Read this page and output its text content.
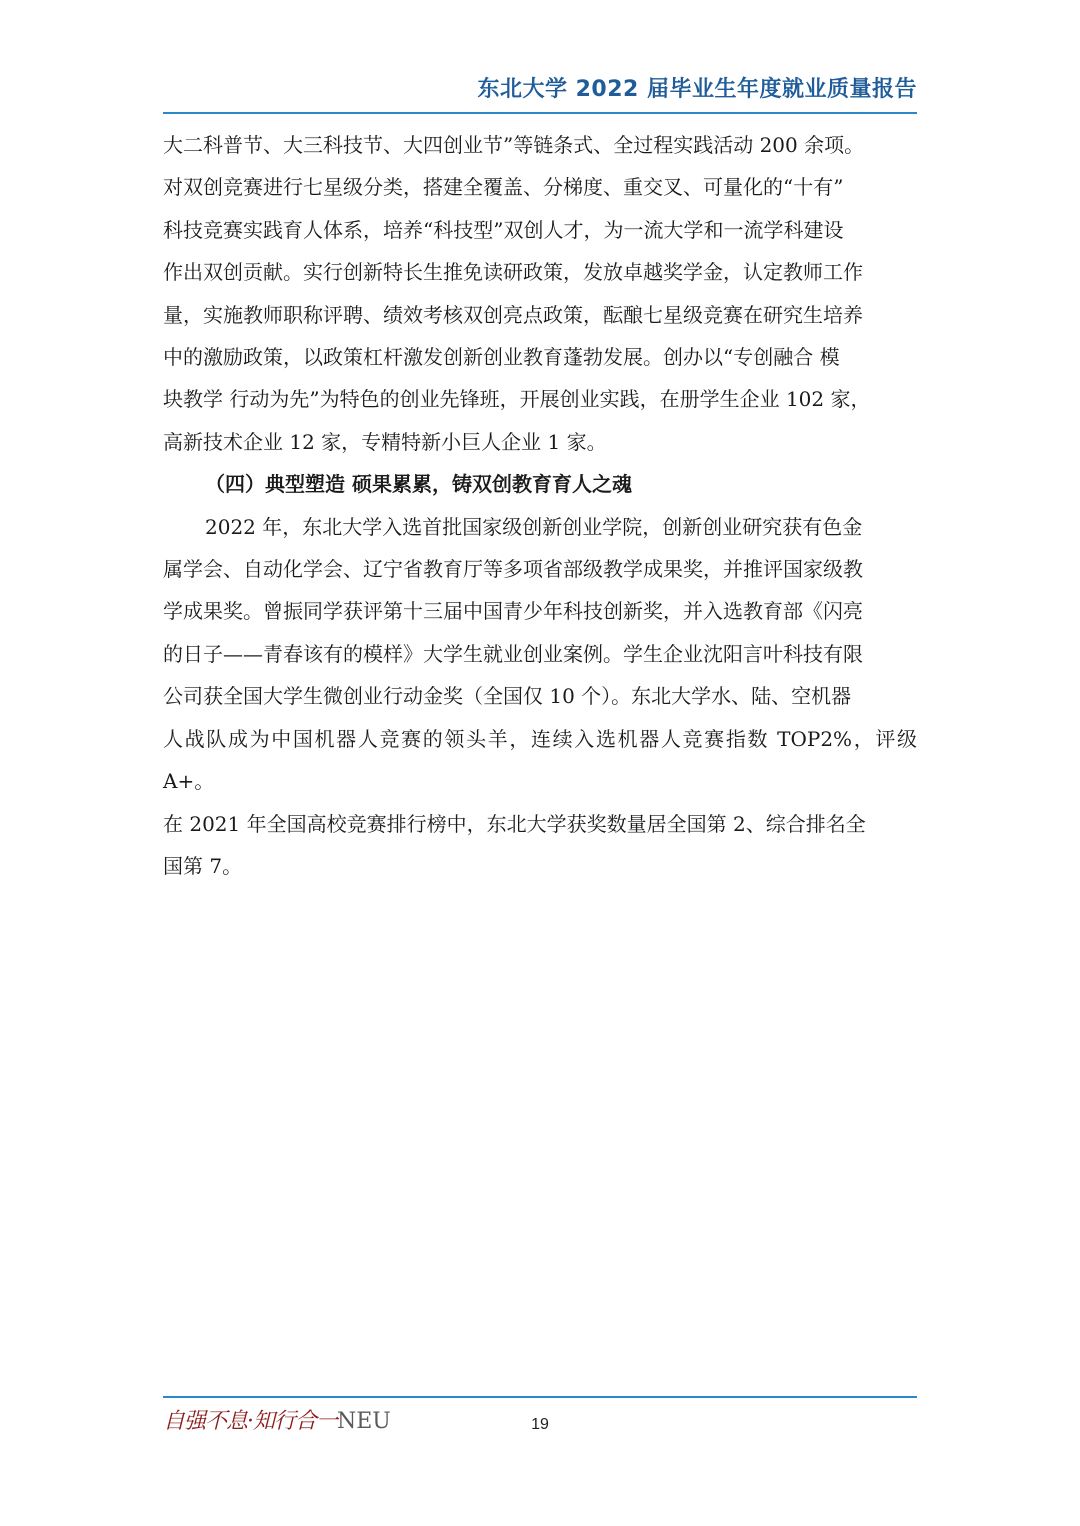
东北大学 2022 届毕业生年度就业质量报告

大二科普节、大三科技节、大四创业节”等链条式、全过程实践活动 200 余项。

对双创竞赛进行七星级分类，搭建全覆盖、分梯度、重交叉、可量化的“十有”

科技竞赛实践育人体系，培养“科技型”双创人才，为一流大学和一流学科建设

作出双创贡献。实行创新特长生推免读研政策，发放卓越奖学金，认定教师工作

量，实施教师职称评聘、绩效考核双创亮点政策，酝酿七星级竞赛在研究生培养

中的激励政策，以政策杠杆激发创新创业教育蓬勃发展。创办以“专创融合 模

块教学 行动为先”为特色的创业先锋班，开展创业实践，在册学生企业 102 家，

高新技术企业 12 家，专精特新小巨人企业 1 家。

（四）典型塑造 硕果累累，铸双创教育育人之魂

2022 年，东北大学入选首批国家级创新创业学院，创新创业研究获有色金

属学会、自动化学会、辽宁省教育厅等多项省部级教学成果奖，并推评国家级教

学成果奖。曾振同学获评第十三届中国青少年科技创新奖，并入选教育部《闪亮

的日子——青春该有的模样》大学生就业创业案例。学生企业沈阳言叶科技有限

公司获全国大学生微创业行动金奖（全国仅 10 个）。东北大学水、陆、空机器

人战队成为中国机器人竞赛的领头羊，连续入选机器人竞赛指数 TOP2%，评级 A+。

在 2021 年全国高校竞赛排行榜中，东北大学获奖数量居全国第 2、综合排名全

国第 7。

自强不息·知行合一NEU	19
